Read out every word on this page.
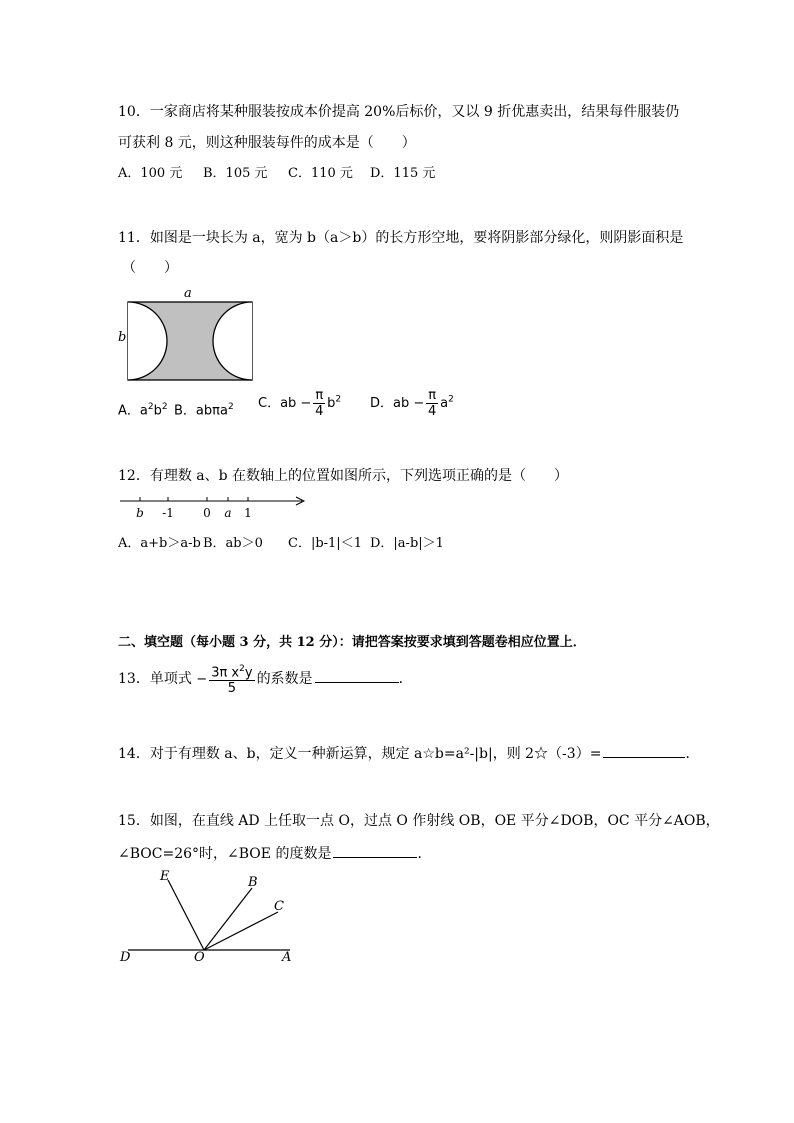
10．一家商店将某种服装按成本价提高 20%后标价，又以 9 折优惠卖出，结果每件服装仍
可获利 8 元，则这种服装每件的成本是（　　）
A．100 元 B．105 元 C．110 元 D．115 元
11．如图是一块长为 a，宽为 b（a＞b）的长方形空地，要将阴影部分绿化，则阴影面积是
（　　）
a
b
A．$a^2b^2$ B．abπa$^2$ C．ab − $\frac{\pi}{4} b^2$ D．ab − $\frac{\pi}{4} a^2$
12．有理数 a、b 在数轴上的位置如图所示，下列选项正确的是（　　）
b	-1	0	a	1
A．a+b＞a-b B．ab＞0 C．|b-1|＜1 D．|a-b|＞1
二、填空题（每小题 3 分，共 12 分）：请把答案按要求填到答题卷相应位置上．
13．单项式 − $\frac{3\pi x^2y}{5}$ 的系数是	．
14．对于有理数 a、b，定义一种新运算，规定 a☆b=a²-|b|，则 2☆（-3）=	．
15．如图，在直线 AD 上任取一点 O，过点 O 作射线 OB，OE 平分∠DOB，OC 平分∠AOB，
∠BOC=26°时，∠BOE 的度数是	．
E	B
C
D	O	A
